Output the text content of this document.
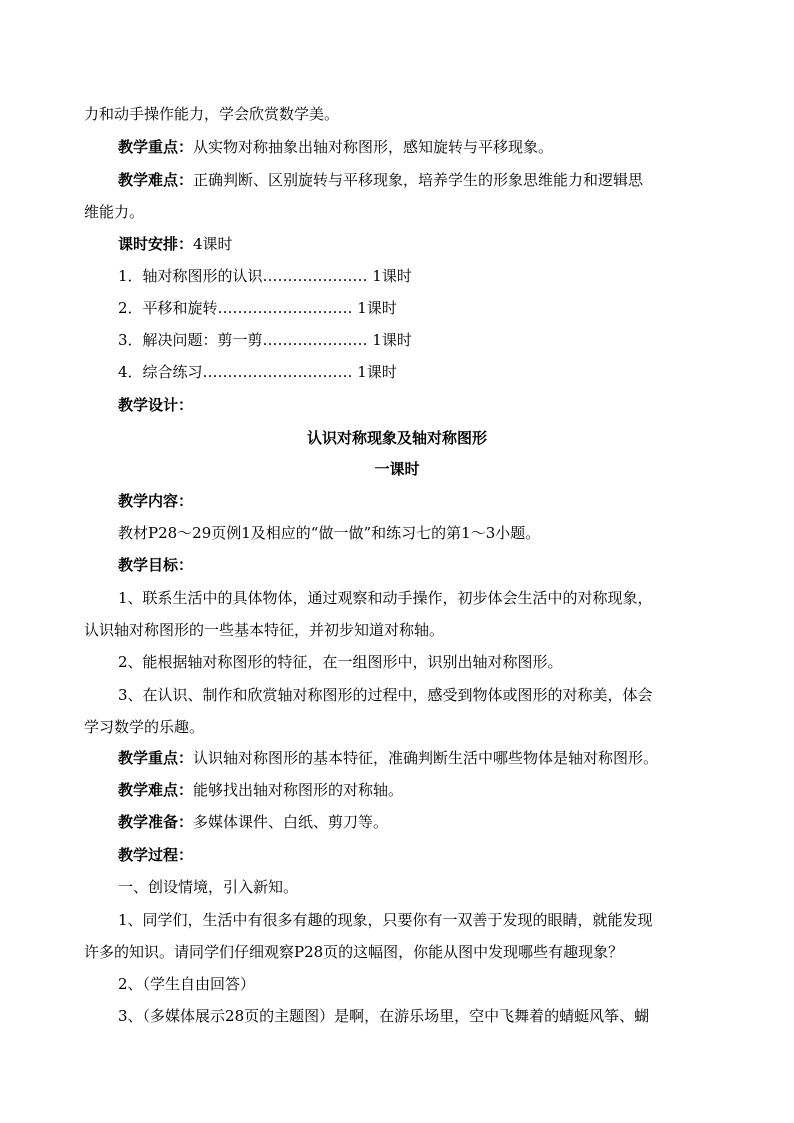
力和动手操作能力，学会欣赏数学美。
教学重点：从实物对称抽象出轴对称图形，感知旋转与平移现象。
教学难点：正确判断、区别旋转与平移现象，培养学生的形象思维能力和逻辑思
维能力。
课时安排：4课时
1．轴对称图形的认识………………… 1课时
2．平移和旋转……………………… 1课时
3．解决问题：剪一剪………………… 1课时
4．综合练习………………………… 1课时
教学设计：
认识对称现象及轴对称图形
一课时
教学内容：
教材P28～29页例1及相应的“做一做”和练习七的第1～3小题。
教学目标：
1、联系生活中的具体物体，通过观察和动手操作，初步体会生活中的对称现象，
认识轴对称图形的一些基本特征，并初步知道对称轴。
2、能根据轴对称图形的特征，在一组图形中，识别出轴对称图形。
3、在认识、制作和欣赏轴对称图形的过程中，感受到物体或图形的对称美，体会
学习数学的乐趣。
教学重点：认识轴对称图形的基本特征，准确判断生活中哪些物体是轴对称图形。
教学难点：能够找出轴对称图形的对称轴。
教学准备：多媒体课件、白纸、剪刀等。
教学过程：
一、创设情境，引入新知。
1、同学们，生活中有很多有趣的现象，只要你有一双善于发现的眼睛，就能发现
许多的知识。请同学们仔细观察P28页的这幅图，你能从图中发现哪些有趣现象？
2、（学生自由回答）
3、（多媒体展示28页的主题图）是啊，在游乐场里，空中飞舞着的蜻蜓风筝、蝴
